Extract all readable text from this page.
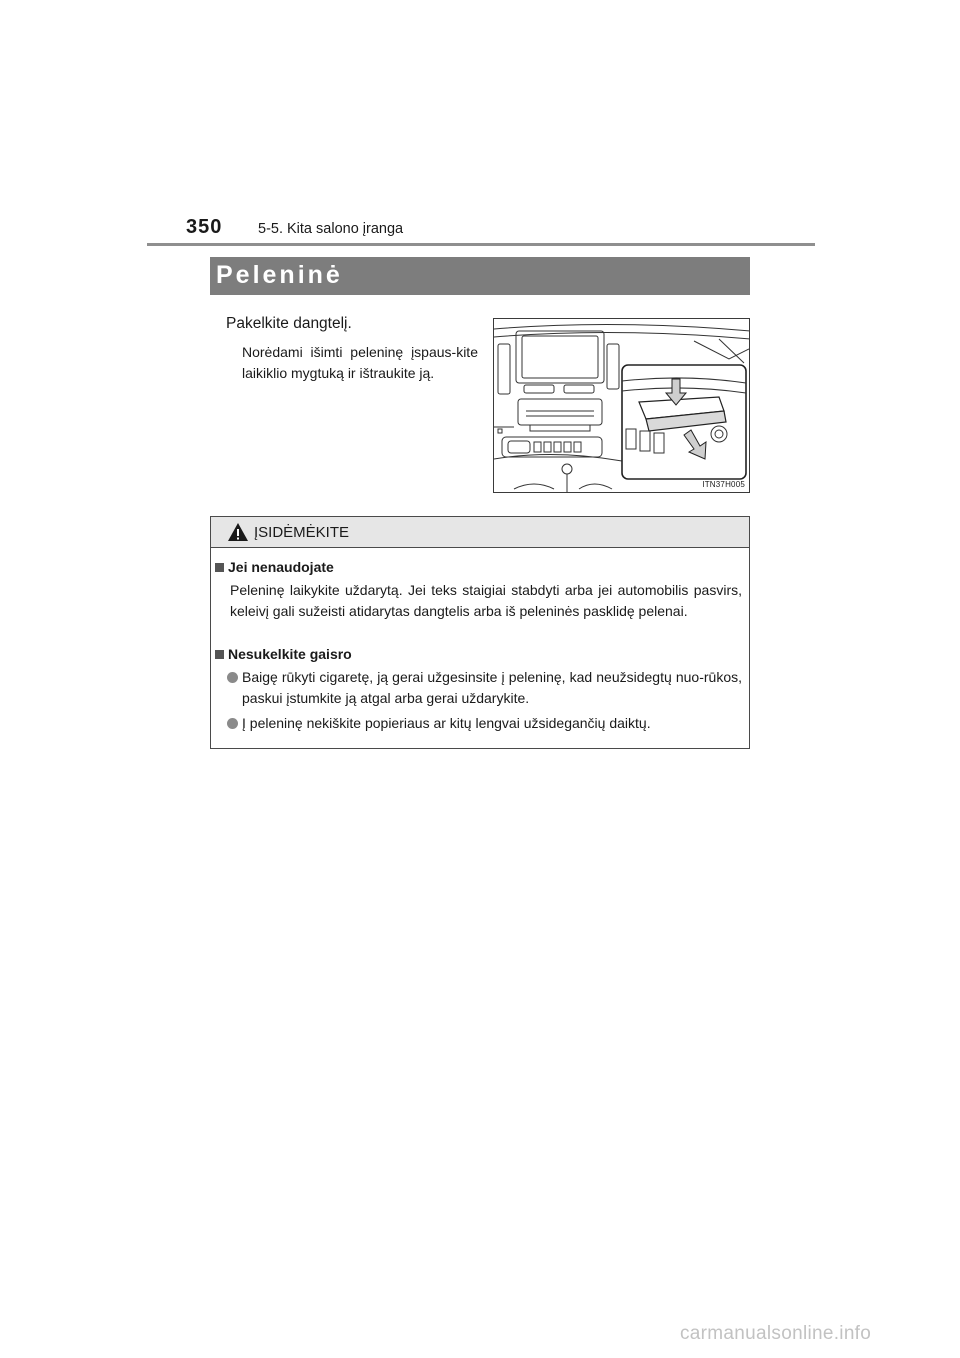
350 5-5. Kita salono įranga
Peleninė
Pakelkite dangtelį.
Norėdami išimti peleninę įspaus-kite laikiklio mygtuką ir ištraukite ją.
ITN37H005
ĮSIDĖMĖKITE
Jei nenaudojate
Peleninę laikykite uždarytą. Jei teks staigiai stabdyti arba jei automobilis pasvirs, keleivį gali sužeisti atidarytas dangtelis arba iš peleninės pasklidę pelenai.
Nesukelkite gaisro
Baigę rūkyti cigaretę, ją gerai užgesinsite į peleninę, kad neužsidegtų nuo-rūkos, paskui įstumkite ją atgal arba gerai uždarykite.
Į peleninę nekiškite popieriaus ar kitų lengvai užsidegančių daiktų.
carmanualsonline.info
